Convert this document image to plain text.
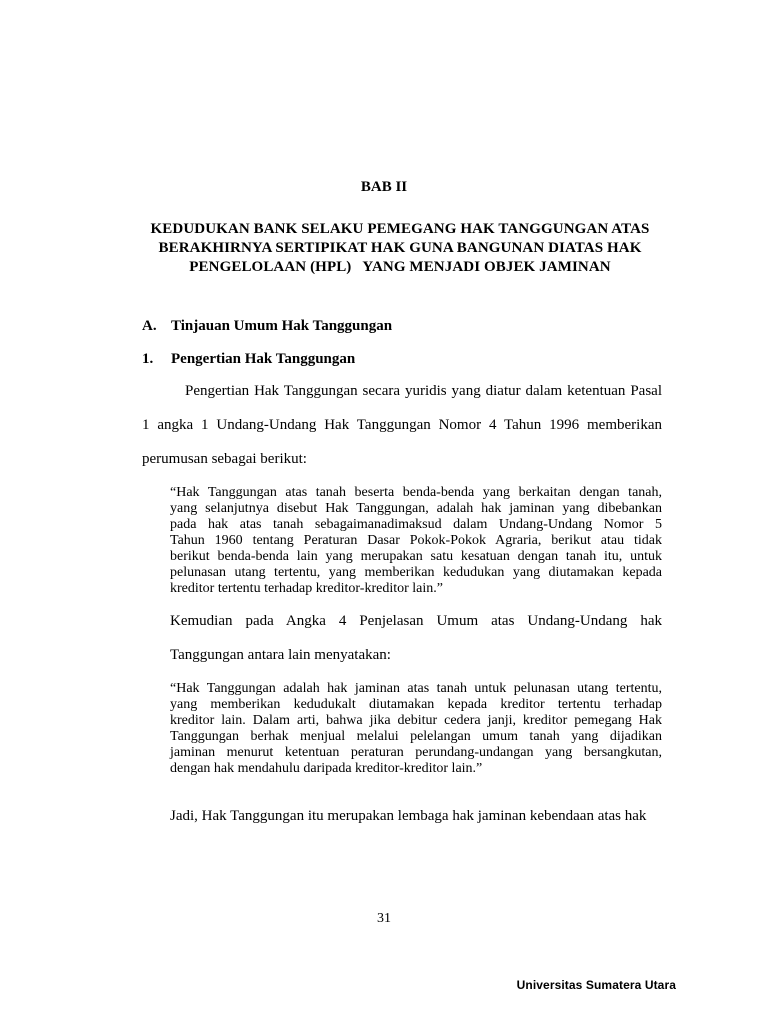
BAB II
KEDUDUKAN BANK SELAKU PEMEGANG HAK TANGGUNGAN ATAS
BERAKHIRNYA SERTIPIKAT HAK GUNA BANGUNAN DIATAS HAK
PENGELOLAAN (HPL)   YANG MENJADI OBJEK JAMINAN
A. Tinjauan Umum Hak Tanggungan
1. Pengertian Hak Tanggungan
Pengertian Hak Tanggungan secara yuridis yang diatur dalam ketentuan Pasal
1 angka 1 Undang-Undang Hak Tanggungan Nomor 4 Tahun 1996 memberikan
perumusan sebagai berikut:
“Hak Tanggungan atas tanah beserta benda-benda yang berkaitan dengan tanah,
yang selanjutnya disebut Hak Tanggungan, adalah hak jaminan yang dibebankan
pada hak atas tanah sebagaimanadimaksud dalam Undang-Undang Nomor 5
Tahun 1960 tentang Peraturan Dasar Pokok-Pokok Agraria, berikut atau tidak
berikut benda-benda lain yang merupakan satu kesatuan dengan tanah itu, untuk
pelunasan utang tertentu, yang memberikan kedudukan yang diutamakan kepada
kreditor tertentu terhadap kreditor-kreditor lain.”
Kemudian pada Angka 4 Penjelasan Umum atas Undang-Undang hak
Tanggungan antara lain menyatakan:
“Hak Tanggungan adalah hak jaminan atas tanah untuk pelunasan utang tertentu,
yang memberikan kedudukalt diutamakan kepada kreditor tertentu terhadap
kreditor lain. Dalam arti, bahwa jika debitur cedera janji, kreditor pemegang Hak
Tanggungan berhak menjual melalui pelelangan umum tanah yang dijadikan
jaminan menurut ketentuan peraturan perundang-undangan yang bersangkutan,
dengan hak mendahulu daripada kreditor-kreditor lain.”
Jadi, Hak Tanggungan itu merupakan lembaga hak jaminan kebendaan atas hak
31
Universitas Sumatera Utara
